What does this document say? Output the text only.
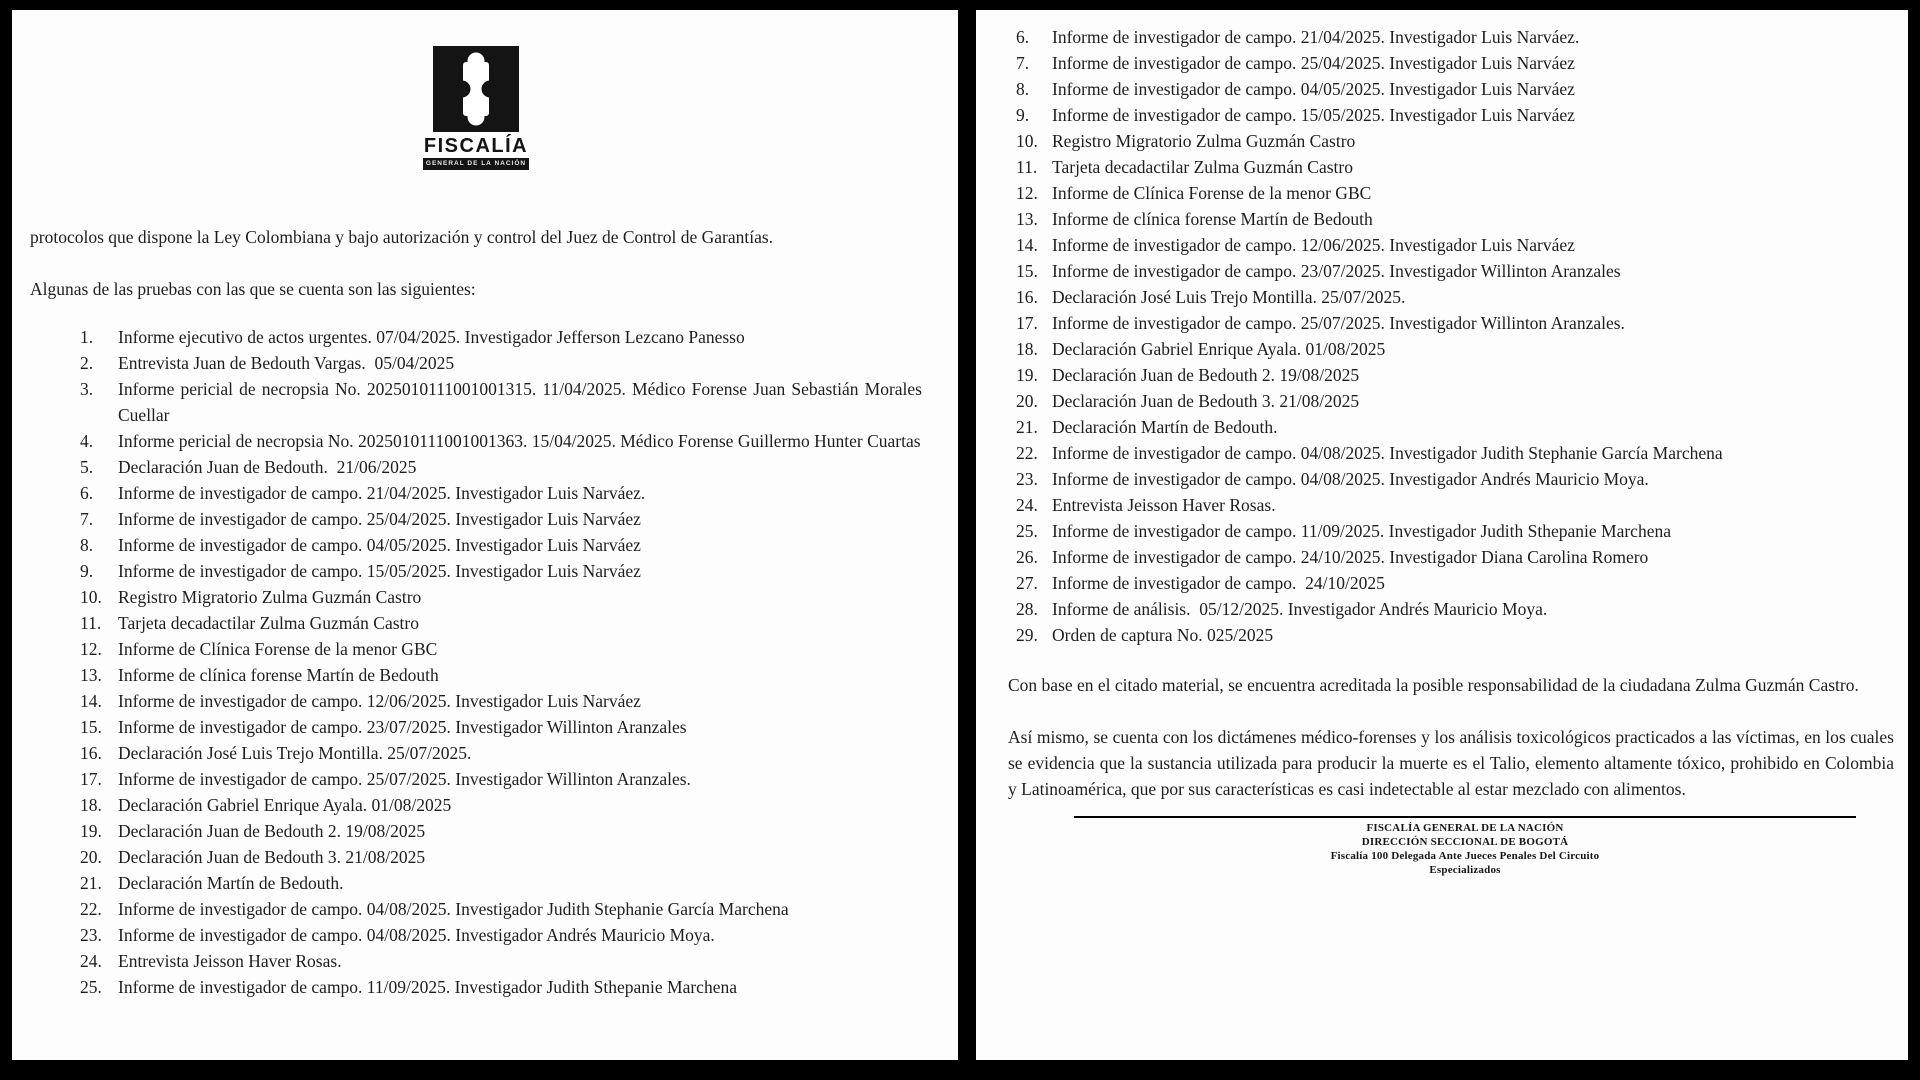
FISCALÍA
GENERAL DE LA NACIÓN
protocolos que dispone la Ley Colombiana y bajo autorización y control del Juez de Control de Garantías.
Algunas de las pruebas con las que se cuenta son las siguientes:
1.	Informe ejecutivo de actos urgentes. 07/04/2025. Investigador Jefferson Lezcano Panesso
2.	Entrevista Juan de Bedouth Vargas.  05/04/2025
3.	Informe pericial de necropsia No. 2025010111001001315. 11/04/2025. Médico Forense Juan Sebastián Morales Cuellar
4.	Informe pericial de necropsia No. 2025010111001001363. 15/04/2025. Médico Forense Guillermo Hunter Cuartas
5.	Declaración Juan de Bedouth.  21/06/2025
6.	Informe de investigador de campo. 21/04/2025. Investigador Luis Narváez.
7.	Informe de investigador de campo. 25/04/2025. Investigador Luis Narváez
8.	Informe de investigador de campo. 04/05/2025. Investigador Luis Narváez
9.	Informe de investigador de campo. 15/05/2025. Investigador Luis Narváez
10. Registro Migratorio Zulma Guzmán Castro
11. Tarjeta decadactilar Zulma Guzmán Castro
12. Informe de Clínica Forense de la menor GBC
13. Informe de clínica forense Martín de Bedouth
14. Informe de investigador de campo. 12/06/2025. Investigador Luis Narváez
15. Informe de investigador de campo. 23/07/2025. Investigador Willinton Aranzales
16. Declaración José Luis Trejo Montilla. 25/07/2025.
17. Informe de investigador de campo. 25/07/2025. Investigador Willinton Aranzales.
18. Declaración Gabriel Enrique Ayala. 01/08/2025
19. Declaración Juan de Bedouth 2. 19/08/2025
20. Declaración Juan de Bedouth 3. 21/08/2025
21. Declaración Martín de Bedouth.
22. Informe de investigador de campo. 04/08/2025. Investigador Judith Stephanie García Marchena
23. Informe de investigador de campo. 04/08/2025. Investigador Andrés Mauricio Moya.
24. Entrevista Jeisson Haver Rosas.
25. Informe de investigador de campo. 11/09/2025. Investigador Judith Sthepanie Marchena
6.	Informe de investigador de campo. 21/04/2025. Investigador Luis Narváez.
7.	Informe de investigador de campo. 25/04/2025. Investigador Luis Narváez
8.	Informe de investigador de campo. 04/05/2025. Investigador Luis Narváez
9.	Informe de investigador de campo. 15/05/2025. Investigador Luis Narváez
10. Registro Migratorio Zulma Guzmán Castro
11. Tarjeta decadactilar Zulma Guzmán Castro
12. Informe de Clínica Forense de la menor GBC
13. Informe de clínica forense Martín de Bedouth
14. Informe de investigador de campo. 12/06/2025. Investigador Luis Narváez
15. Informe de investigador de campo. 23/07/2025. Investigador Willinton Aranzales
16. Declaración José Luis Trejo Montilla. 25/07/2025.
17. Informe de investigador de campo. 25/07/2025. Investigador Willinton Aranzales.
18. Declaración Gabriel Enrique Ayala. 01/08/2025
19. Declaración Juan de Bedouth 2. 19/08/2025
20. Declaración Juan de Bedouth 3. 21/08/2025
21. Declaración Martín de Bedouth.
22. Informe de investigador de campo. 04/08/2025. Investigador Judith Stephanie García Marchena
23. Informe de investigador de campo. 04/08/2025. Investigador Andrés Mauricio Moya.
24. Entrevista Jeisson Haver Rosas.
25. Informe de investigador de campo. 11/09/2025. Investigador Judith Sthepanie Marchena
26. Informe de investigador de campo. 24/10/2025. Investigador Diana Carolina Romero
27. Informe de investigador de campo.  24/10/2025
28. Informe de análisis.  05/12/2025. Investigador Andrés Mauricio Moya.
29. Orden de captura No. 025/2025
Con base en el citado material, se encuentra acreditada la posible responsabilidad de la ciudadana Zulma Guzmán Castro.
Así mismo, se cuenta con los dictámenes médico-forenses y los análisis toxicológicos practicados a las víctimas, en los cuales se evidencia que la sustancia utilizada para producir la muerte es el Talio, elemento altamente tóxico, prohibido en Colombia y Latinoamérica, que por sus características es casi indetectable al estar mezclado con alimentos.
FISCALÍA GENERAL DE LA NACIÓN
DIRECCIÓN SECCIONAL DE BOGOTÁ
Fiscalía 100 Delegada Ante Jueces Penales Del Circuito
Especializados
